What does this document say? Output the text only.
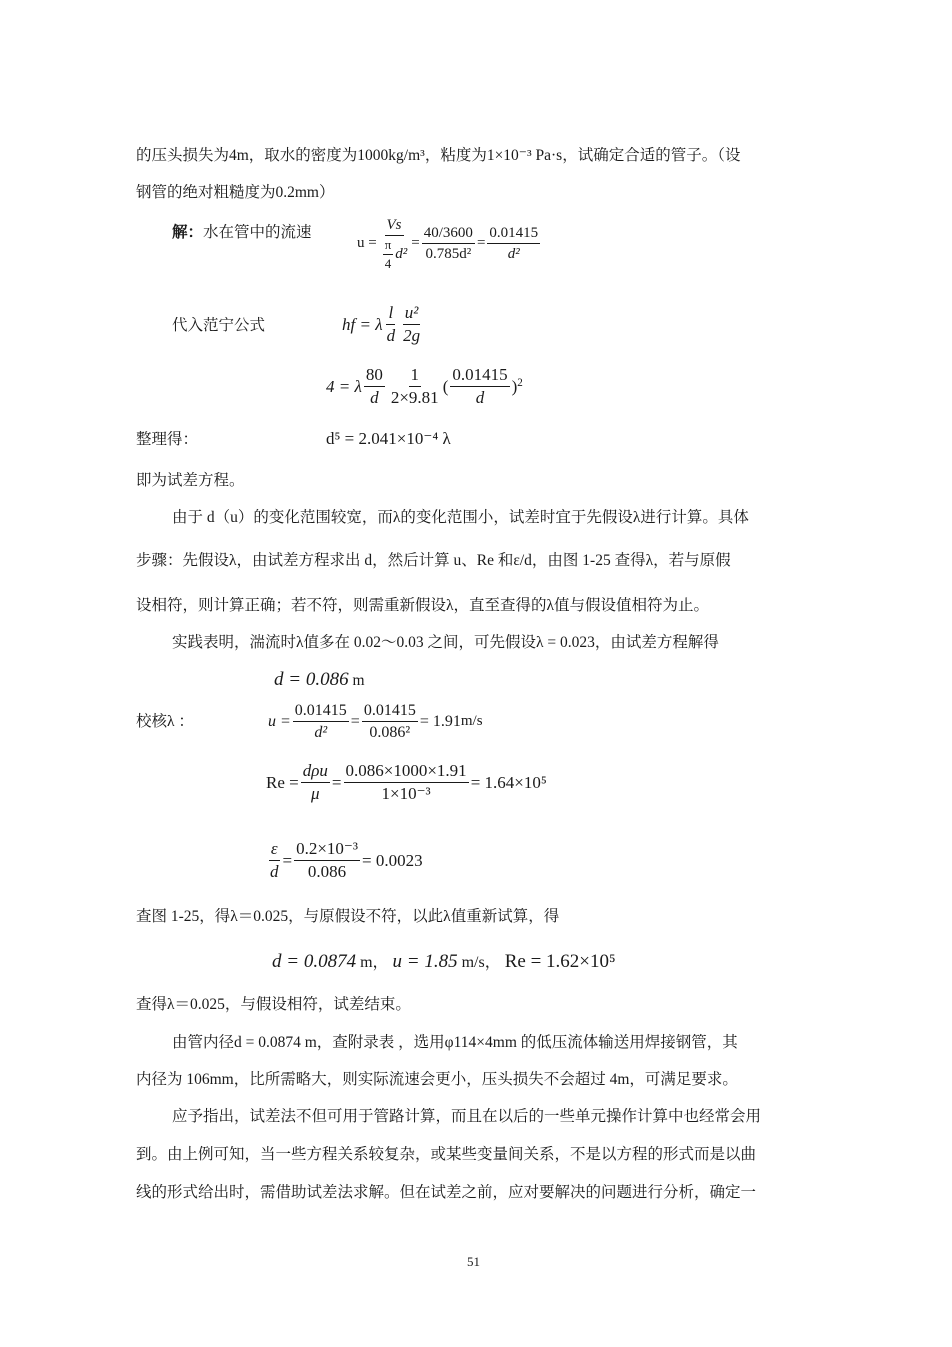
的压头损失为4m，取水的密度为1000kg/m³，粘度为1×10⁻³ Pa·s，试确定合适的管子。（设
钢管的绝对粗糙度为0.2mm）
解：水在管中的流速
$u = \frac{Vs}{\frac{\pi}{4} d^2} = \frac{40/3600}{\text{0.785d²}} = \frac{0.01415}{\text{d²}}$
代入范宁公式	hf = λ
l
d
u²
2g
4 = λ
80
d $\frac{1}{2\times 9.81}$ (
0.01415
d
)$^2$
整理得：	d⁵ = 2.041×10⁻⁴ λ
即为试差方程。
由于 d（u）的变化范围较宽，而λ的变化范围小，试差时宜于先假设λ进行计算。具体
步骤：先假设λ，由试差方程求出 d，然后计算 u、Re 和ε/d，由图 1-25 查得λ，若与原假
设相符，则计算正确；若不符，则需重新假设λ，直至查得的λ值与假设值相符为止。
实践表明，湍流时λ值多在 0.02～0.03 之间，可先假设λ = 0.023，由试差方程解得
d = 0.086 m
校核λ ：	$u = \frac{0.01415}{\text{d²}} = \frac{0.01415}{\text{0.086²}} = 1.91$ m/s
Re =
dρu
μ
= $\frac{0.086\times 1000\times 1.91}{\text{1×10⁻³}} = 1.64\times 10^5$
$\frac{\varepsilon}{d} = \frac{\text{0.2×10⁻³}}{0.086} = 0.0023$
查图 1-25，得λ＝0.025，与原假设不符，以此λ值重新试算，得
d = 0.0874 m， u = 1.85 m/s， Re = 1.62×10⁵
查得λ＝0.025，与假设相符，试差结束。
由管内径d = 0.0874 m，查附录表 ，选用φ114×4mm 的低压流体输送用焊接钢管，其
内径为 106mm，比所需略大，则实际流速会更小，压头损失不会超过 4m，可满足要求。
应予指出，试差法不但可用于管路计算，而且在以后的一些单元操作计算中也经常会用
到。由上例可知，当一些方程关系较复杂，或某些变量间关系，不是以方程的形式而是以曲
线的形式给出时，需借助试差法求解。但在试差之前，应对要解决的问题进行分析，确定一
51
